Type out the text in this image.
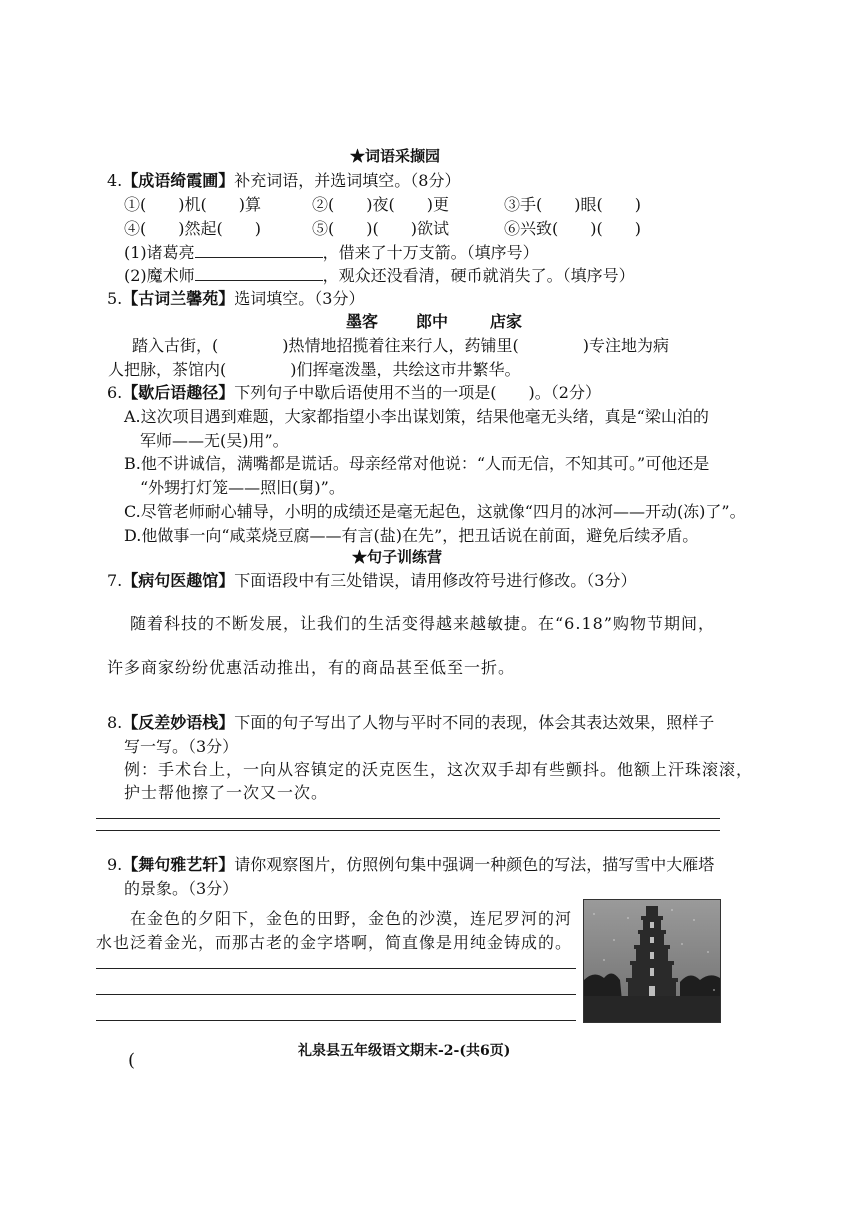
★词语采撷园
4.【成语绮霞圃】补充词语，并选词填空。（8分）
①(　　)机(　　)算	②(　　)夜(　　)更	③手(　　)眼(　　)
④(　　)然起(　　)	⑤(　　)(　　)欲试	⑥兴致(　　)(　　)
(1)诸葛亮	，借来了十万支箭。（填序号）
(2)魔术师	，观众还没看清，硬币就消失了。（填序号）
5.【古词兰馨苑】选词填空。（3分）
墨客 郎中	店家
踏入古街，(	)热情地招揽着往来行人，药铺里(	)专注地为病
人把脉，茶馆内(	)们挥毫泼墨，共绘这市井繁华。
6.【歇后语趣径】下列句子中歇后语使用不当的一项是(　　)。（2分）
A.这次项目遇到难题，大家都指望小李出谋划策，结果他毫无头绪，真是“梁山泊的
军师——无(吴)用”。
B.他不讲诚信，满嘴都是谎话。母亲经常对他说：“人而无信，不知其可。”可他还是
“外甥打灯笼——照旧(舅)”。
C.尽管老师耐心辅导，小明的成绩还是毫无起色，这就像“四月的冰河——开动(冻)了”。
D.他做事一向“咸菜烧豆腐——有言(盐)在先”，把丑话说在前面，避免后续矛盾。
★句子训练营
7.【病句医趣馆】下面语段中有三处错误，请用修改符号进行修改。（3分）
随着科技的不断发展，让我们的生活变得越来越敏捷。在“6.18”购物节期间，
许多商家纷纷优惠活动推出，有的商品甚至低至一折。
8.【反差妙语栈】下面的句子写出了人物与平时不同的表现，体会其表达效果，照样子
写一写。（3分）
例：手术台上，一向从容镇定的沃克医生，这次双手却有些颤抖。他额上汗珠滚滚，
护士帮他擦了一次又一次。
9.【舞句雅艺轩】请你观察图片，仿照例句集中强调一种颜色的写法，描写雪中大雁塔
的景象。（3分）
在金色的夕阳下，金色的田野，金色的沙漠，连尼罗河的河
水也泛着金光，而那古老的金字塔啊，简直像是用纯金铸成的。
礼泉县五年级语文期末-2-(共6页)
(
